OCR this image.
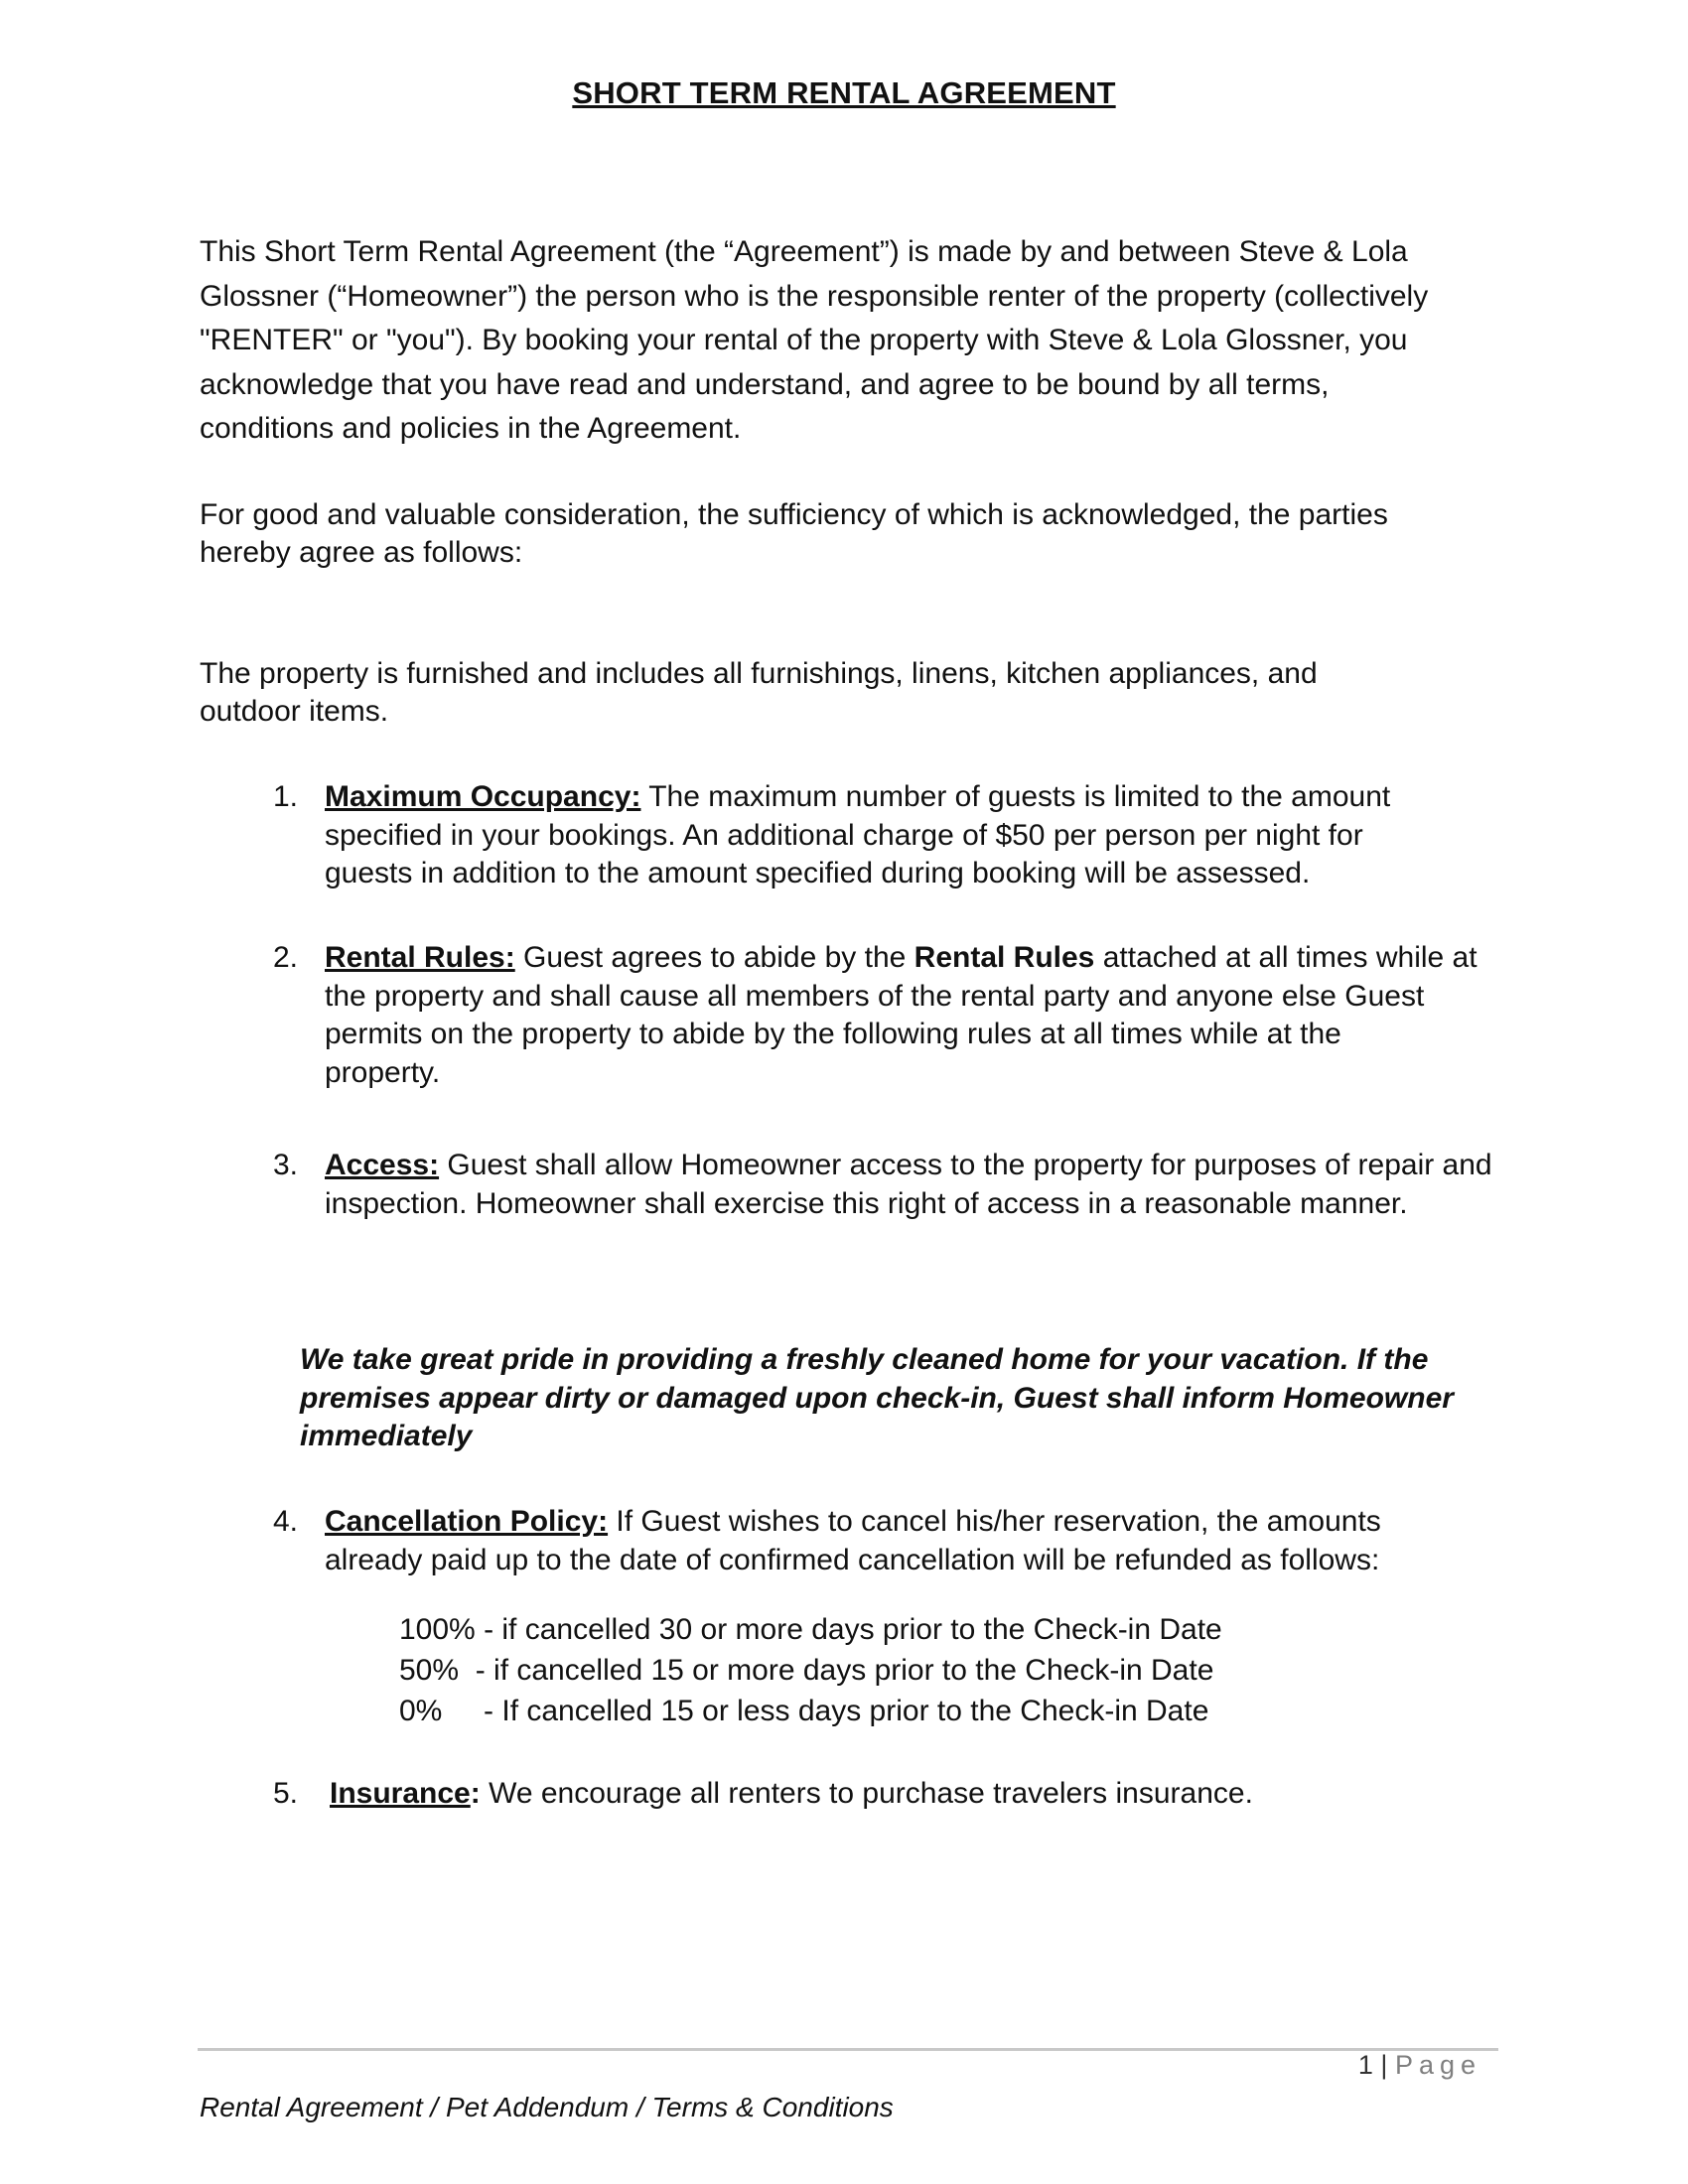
SHORT TERM RENTAL AGREEMENT
This Short Term Rental Agreement (the “Agreement”) is made by and between Steve & Lola
Glossner (“Homeowner”) the person who is the responsible renter of the property (collectively
"RENTER" or "you"). By booking your rental of the property with Steve & Lola Glossner, you
acknowledge that you have read and understand, and agree to be bound by all terms,
conditions and policies in the Agreement.
For good and valuable consideration, the sufficiency of which is acknowledged, the parties
hereby agree as follows:
The property is furnished and includes all furnishings, linens, kitchen appliances, and
outdoor items.
1. Maximum Occupancy: The maximum number of guests is limited to the amount
specified in your bookings. An additional charge of $50 per person per night for
guests in addition to the amount specified during booking will be assessed.
2. Rental Rules: Guest agrees to abide by the Rental Rules attached at all times while at
the property and shall cause all members of the rental party and anyone else Guest
permits on the property to abide by the following rules at all times while at the
property.
3. Access: Guest shall allow Homeowner access to the property for purposes of repair and
inspection. Homeowner shall exercise this right of access in a reasonable manner.
We take great pride in providing a freshly cleaned home for your vacation. If the
premises appear dirty or damaged upon check-in, Guest shall inform Homeowner
immediately
4. Cancellation Policy: If Guest wishes to cancel his/her reservation, the amounts
already paid up to the date of confirmed cancellation will be refunded as follows:
100% - if cancelled 30 or more days prior to the Check-in Date
50%  - if cancelled 15 or more days prior to the Check-in Date
0%     - If cancelled 15 or less days prior to the Check-in Date
5.	Insurance: We encourage all renters to purchase travelers insurance.
1 | Page
Rental Agreement / Pet Addendum / Terms & Conditions
